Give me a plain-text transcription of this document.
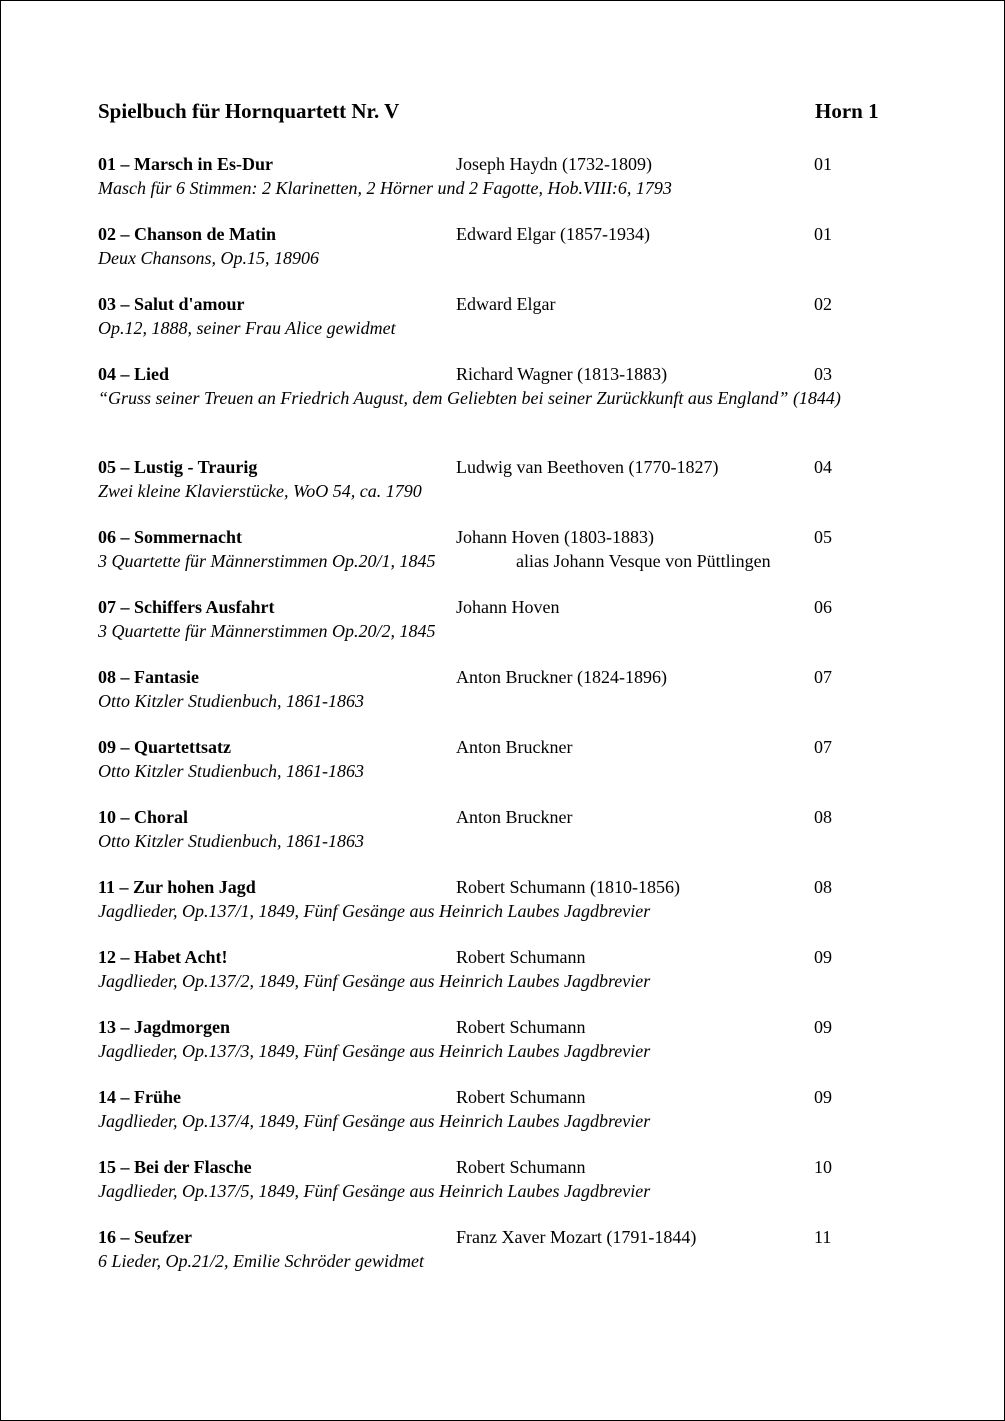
Spielbuch für Hornquartett Nr. V	Horn 1
01 – Marsch in Es-Dur	Joseph Haydn (1732-1809)	01
Masch für 6 Stimmen: 2 Klarinetten, 2 Hörner und 2 Fagotte, Hob.VIII:6, 1793
02 – Chanson de Matin	Edward Elgar (1857-1934)	01
Deux Chansons, Op.15, 18906
03 – Salut d'amour	Edward Elgar	02
Op.12, 1888, seiner Frau Alice gewidmet
04 – Lied	Richard Wagner (1813-1883)	03
“Gruss seiner Treuen an Friedrich August, dem Geliebten bei seiner Zurückkunft aus England” (1844)
05 – Lustig - Traurig	Ludwig van Beethoven (1770-1827)	04
Zwei kleine Klavierstücke, WoO 54, ca. 1790
06 – Sommernacht	Johann Hoven (1803-1883)	05
3 Quartette für Männerstimmen Op.20/1, 1845	alias Johann Vesque von Püttlingen
07 – Schiffers Ausfahrt	Johann Hoven	06
3 Quartette für Männerstimmen Op.20/2, 1845
08 – Fantasie	Anton Bruckner (1824-1896)	07
Otto Kitzler Studienbuch, 1861-1863
09 – Quartettsatz	Anton Bruckner	07
Otto Kitzler Studienbuch, 1861-1863
10 – Choral	Anton Bruckner	08
Otto Kitzler Studienbuch, 1861-1863
11 – Zur hohen Jagd	Robert Schumann (1810-1856)	08
Jagdlieder, Op.137/1, 1849, Fünf Gesänge aus Heinrich Laubes Jagdbrevier
12 – Habet Acht!	Robert Schumann	09
Jagdlieder, Op.137/2, 1849, Fünf Gesänge aus Heinrich Laubes Jagdbrevier
13 – Jagdmorgen	Robert Schumann	09
Jagdlieder, Op.137/3, 1849, Fünf Gesänge aus Heinrich Laubes Jagdbrevier
14 – Frühe	Robert Schumann	09
Jagdlieder, Op.137/4, 1849, Fünf Gesänge aus Heinrich Laubes Jagdbrevier
15 – Bei der Flasche	Robert Schumann	10
Jagdlieder, Op.137/5, 1849, Fünf Gesänge aus Heinrich Laubes Jagdbrevier
16 – Seufzer	Franz Xaver Mozart (1791-1844)	11
6 Lieder, Op.21/2, Emilie Schröder gewidmet
